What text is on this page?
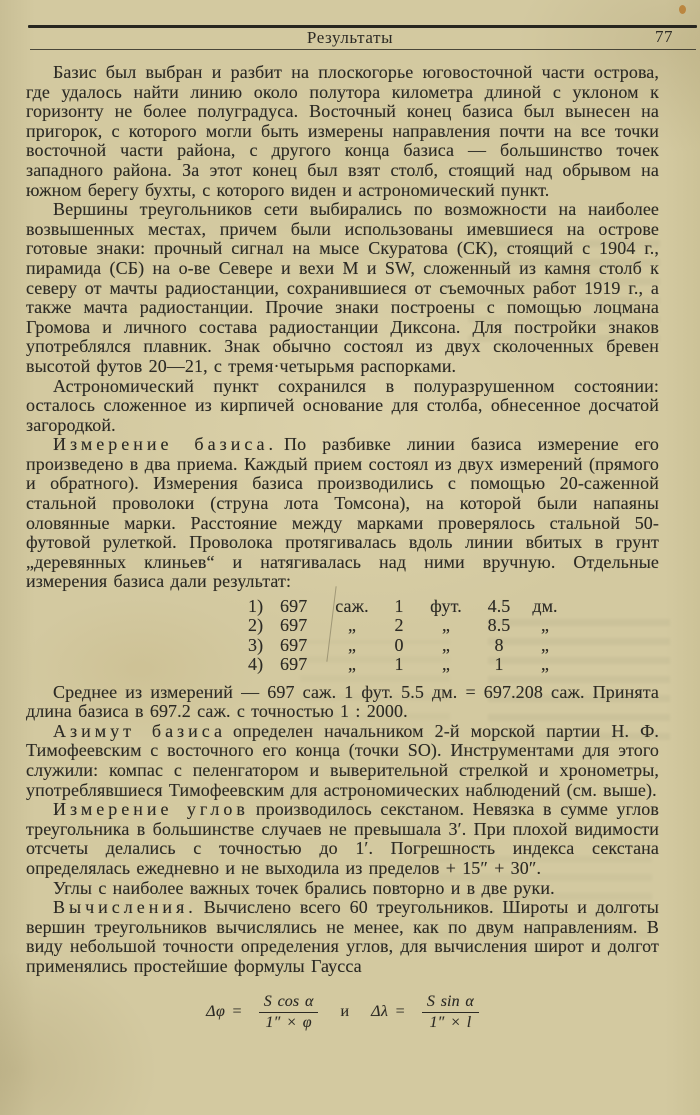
Результаты	77

Базис был выбран и разбит на плоскогорье юговосточной части острова, где удалось найти линию около полутора километра длиной с уклоном к горизонту не более полуградуса. Восточный конец базиса был вынесен на пригорок, с которого могли быть измерены направления почти на все точки восточной части района, с другого конца базиса — большинство точек западного района. За этот конец был взят столб, стоящий над обрывом на южном берегу бухты, с которого виден и астрономический пункт.

Вершины треугольников сети выбирались по возможности на наиболее возвышенных местах, причем были использованы имевшиеся на острове готовые знаки: прочный сигнал на мысе Скуратова (СК), стоящий с 1904 г., пирамида (СБ) на о-ве Севере и вехи M и SW, сложенный из камня столб к северу от мачты радиостанции, сохранившиеся от съемочных работ 1919 г., а также мачта радиостанции. Прочие знаки построены с помощью лоцмана Громова и личного состава радиостанции Диксона. Для постройки знаков употреблялся плавник. Знак обычно состоял из двух сколоченных бревен высотой футов 20—21, с тремя·четырьмя распорками.

Астрономический пункт сохранился в полуразрушенном состоянии: осталось сложенное из кирпичей основание для столба, обнесенное досчатой загородкой.

Измерение базиса. По разбивке линии базиса измерение его произведено в два приема. Каждый прием состоял из двух измерений (прямого и обратного). Измерения базиса производились с помощью 20-саженной стальной проволоки (струна лота Томсона), на которой были напаяны оловянные марки. Расстояние между марками проверялось стальной 50-футовой рулеткой. Проволока протягивалась вдоль линии вбитых в грунт „деревянных клиньев“ и натягивалась над ними вручную. Отдельные измерения базиса дали результат:

1)	697	саж.	1	фут.	4.5	дм.
2)	697	„	2	„	8.5	„
3)	697	„	0	„	8	„
4)	697	„	1	„	1	„

Среднее из измерений — 697 саж. 1 фут. 5.5 дм. = 697.208 саж. Принята длина базиса в 697.2 саж. с точностью 1 : 2000.

Азимут базиса определен начальником 2-й морской партии Н. Ф. Тимофеевским с восточного его конца (точки SO). Инструментами для этого служили: компас с пеленгатором и выверительной стрелкой и хронометры, употреблявшиеся Тимофеевским для астрономических наблюдений (см. выше).

Измерение углов производилось секстаном. Невязка в сумме углов треугольника в большинстве случаев не превышала 3′. При плохой видимости отсчеты делались с точностью до 1′. Погрешность индекса секстана определялась ежедневно и не выходила из пределов + 15″ + 30″.

Углы с наиболее важных точек брались повторно и в две руки.

Вычисления. Вычислено всего 60 треугольников. Широты и долготы вершин треугольников вычислялись не менее, как по двум направлениям. В виду небольшой точности определения углов, для вычисления широт и долгот применялись простейшие формулы Гаусса

$\Delta\varphi = \frac{\text{S cos α}}{1'' \times \varphi}$	и	$\Delta\lambda = \frac{\text{S sin α}}{1'' \times l}$
